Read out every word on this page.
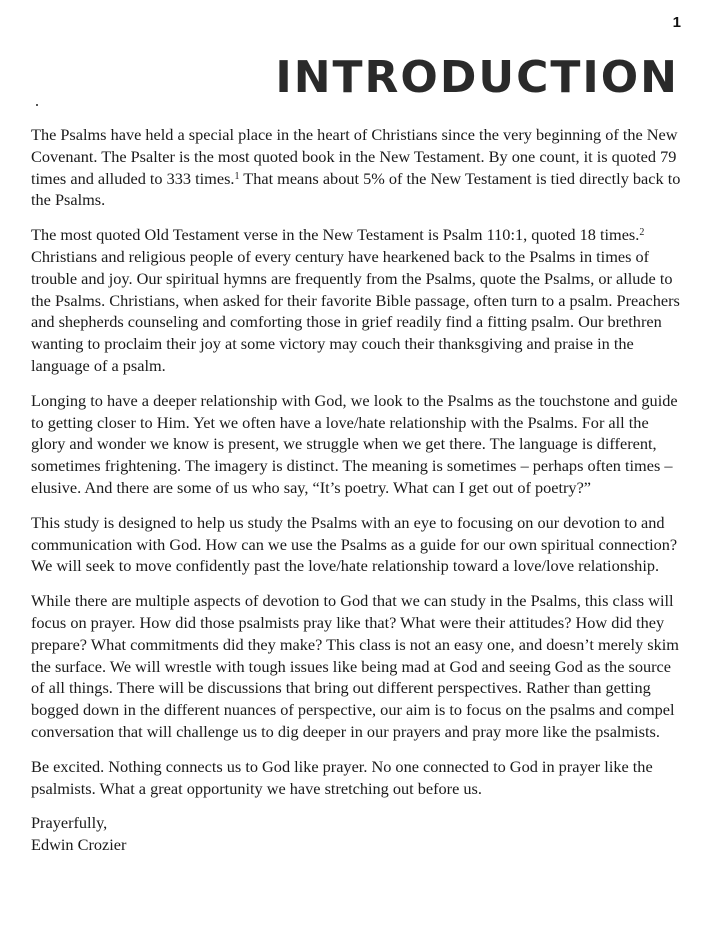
1
INTRODUCTION

The Psalms have held a special place in the heart of Christians since the very beginning of the New Covenant. The Psalter is the most quoted book in the New Testament. By one count, it is quoted 79 times and alluded to 333 times.$^1$ That means about 5% of the New Testament is tied directly back to the Psalms.

The most quoted Old Testament verse in the New Testament is Psalm 110:1, quoted 18 times.$^2$ Christians and religious people of every century have hearkened back to the Psalms in times of trouble and joy. Our spiritual hymns are frequently from the Psalms, quote the Psalms, or allude to the Psalms. Christians, when asked for their favorite Bible passage, often turn to a psalm. Preachers and shepherds counseling and comforting those in grief readily find a fitting psalm. Our brethren wanting to proclaim their joy at some victory may couch their thanksgiving and praise in the language of a psalm.

Longing to have a deeper relationship with God, we look to the Psalms as the touchstone and guide to getting closer to Him. Yet we often have a love/hate relationship with the Psalms. For all the glory and wonder we know is present, we struggle when we get there. The language is different, sometimes frightening. The imagery is distinct. The meaning is sometimes – perhaps often times – elusive. And there are some of us who say, “It’s poetry. What can I get out of poetry?”

This study is designed to help us study the Psalms with an eye to focusing on our devotion to and communication with God. How can we use the Psalms as a guide for our own spiritual connection? We will seek to move confidently past the love/hate relationship toward a love/love relationship.

While there are multiple aspects of devotion to God that we can study in the Psalms, this class will focus on prayer. How did those psalmists pray like that? What were their attitudes? How did they prepare? What commitments did they make? This class is not an easy one, and doesn’t merely skim the surface. We will wrestle with tough issues like being mad at God and seeing God as the source of all things. There will be discussions that bring out different perspectives. Rather than getting bogged down in the different nuances of perspective, our aim is to focus on the psalms and compel conversation that will challenge us to dig deeper in our prayers and pray more like the psalmists.

Be excited. Nothing connects us to God like prayer. No one connected to God in prayer like the psalmists. What a great opportunity we have stretching out before us.

Prayerfully,
Edwin Crozier
